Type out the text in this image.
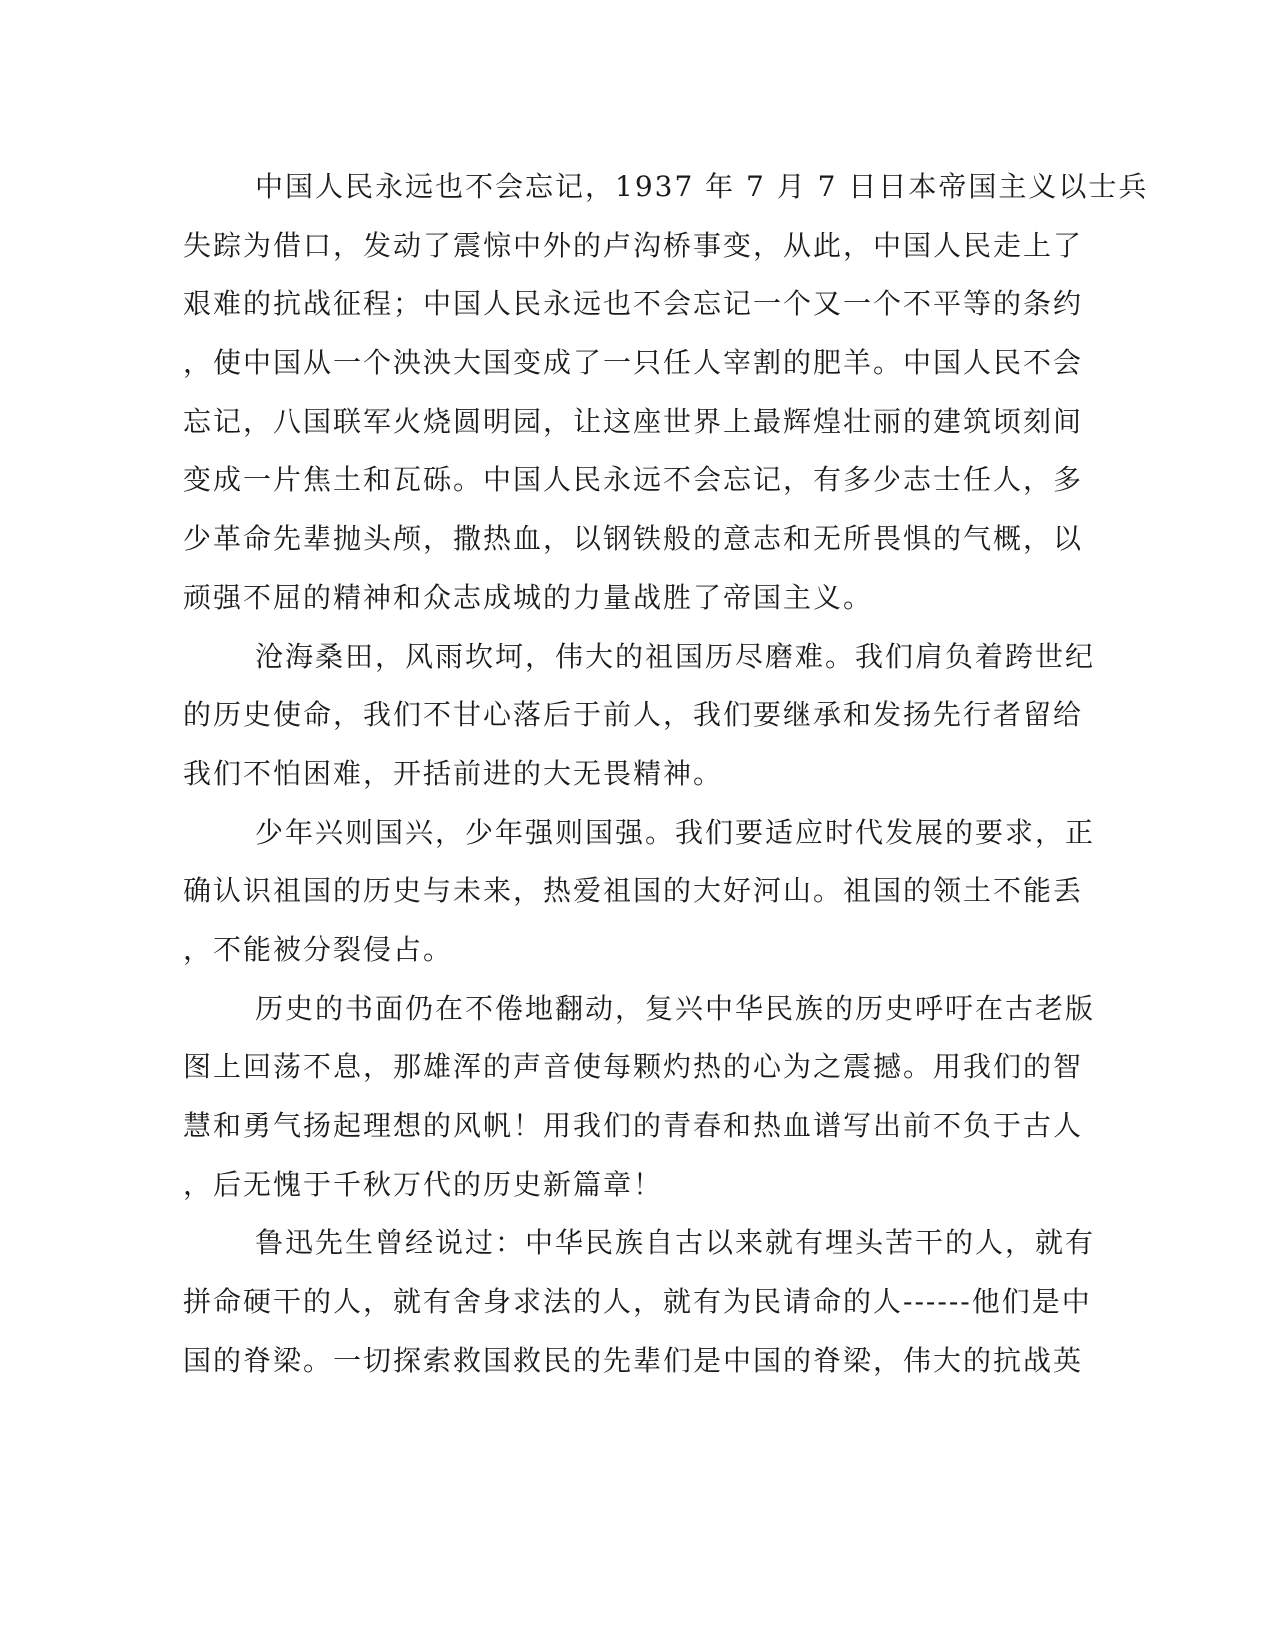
中国人民永远也不会忘记，1937 年 7 月 7 日日本帝国主义以士兵
失踪为借口，发动了震惊中外的卢沟桥事变，从此，中国人民走上了
艰难的抗战征程；中国人民永远也不会忘记一个又一个不平等的条约
，使中国从一个泱泱大国变成了一只任人宰割的肥羊。中国人民不会
忘记，八国联军火烧圆明园，让这座世界上最辉煌壮丽的建筑顷刻间
变成一片焦土和瓦砾。中国人民永远不会忘记，有多少志士任人，多
少革命先辈抛头颅，撒热血，以钢铁般的意志和无所畏惧的气概，以
顽强不屈的精神和众志成城的力量战胜了帝国主义。
沧海桑田，风雨坎坷，伟大的祖国历尽磨难。我们肩负着跨世纪
的历史使命，我们不甘心落后于前人，我们要继承和发扬先行者留给
我们不怕困难，开括前进的大无畏精神。
少年兴则国兴，少年强则国强。我们要适应时代发展的要求，正
确认识祖国的历史与未来，热爱祖国的大好河山。祖国的领土不能丢
，不能被分裂侵占。
历史的书面仍在不倦地翻动，复兴中华民族的历史呼吁在古老版
图上回荡不息，那雄浑的声音使每颗灼热的心为之震撼。用我们的智
慧和勇气扬起理想的风帆！用我们的青春和热血谱写出前不负于古人
，后无愧于千秋万代的历史新篇章！
鲁迅先生曾经说过：中华民族自古以来就有埋头苦干的人，就有
拼命硬干的人，就有舍身求法的人，就有为民请命的人------他们是中
国的脊梁。一切探索救国救民的先辈们是中国的脊梁，伟大的抗战英
